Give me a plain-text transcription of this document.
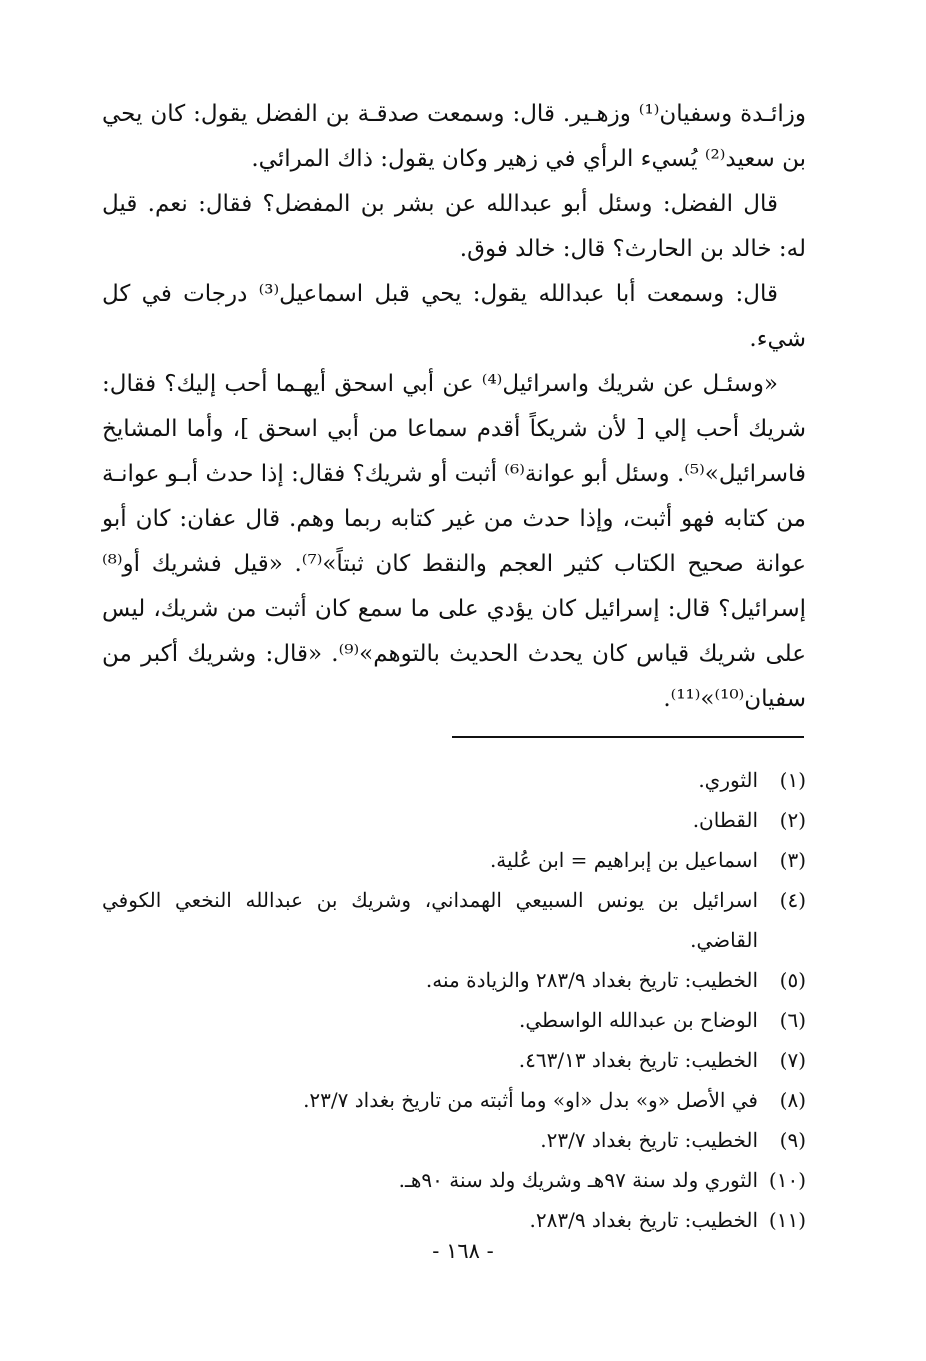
وزائـدة وسفيان⁽¹⁾ وزهـير. قال: وسمعت صدقـة بن الفضل يقول: كان يحي بن سعيد⁽²⁾ يُسيء الرأي في زهير وكان يقول: ذاك المرائي.

قال الفضل: وسئل أبو عبدالله عن بشر بن المفضل؟ فقال: نعم. قيل له: خالد بن الحارث؟ قال: خالد فوق.

قال: وسمعت أبا عبدالله يقول: يحي قبل اسماعيل⁽³⁾ درجات في كل شيء.

«وسئـل عن شريك واسرائيل⁽⁴⁾ عن أبي اسحق أيهـما أحب إليك؟ فقال: شريك أحب إلي [ لأن شريكاً أقدم سماعا من أبي اسحق ]، وأما المشايخ فاسرائيل»⁽⁵⁾. وسئل أبو عوانة⁽⁶⁾ أثبت أو شريك؟ فقال: إذا حدث أبـو عوانـة من كتابه فهو أثبت، وإذا حدث من غير كتابه ربما وهم. قال عفان: كان أبو عوانة صحيح الكتاب كثير العجم والنقط كان ثبتاً»⁽⁷⁾. «قيل فشريك أو⁽⁸⁾ إسرائيل؟ قال: إسرائيل كان يؤدي على ما سمع كان أثبت من شريك، ليس على شريك قياس كان يحدث الحديث بالتوهم»⁽⁹⁾. «قال: وشريك أكبر من سفيان⁽¹⁰⁾»⁽¹¹⁾.

(١)
الثوري.
(٢)
القطان.
(٣)
اسماعيل بن إبراهيم = ابن عُلية.
(٤)
اسرائيل بن يونس السبيعي الهمداني، وشريك بن عبدالله النخعي الكوفي القاضي.
(٥)
الخطيب: تاريخ بغداد ٢٨٣/٩ والزيادة منه.
(٦)
الوضاح بن عبدالله الواسطي.
(٧)
الخطيب: تاريخ بغداد ٤٦٣/١٣.
(٨)
في الأصل «و» بدل «او» وما أثبته من تاريخ بغداد ٢٣/٧.
(٩)
الخطيب: تاريخ بغداد ٢٣/٧.
(١٠)
الثوري ولد سنة ٩٧هـ وشريك ولد سنة ٩٠هـ.
(١١)
الخطيب: تاريخ بغداد ٢٨٣/٩.
- ١٦٨ -
